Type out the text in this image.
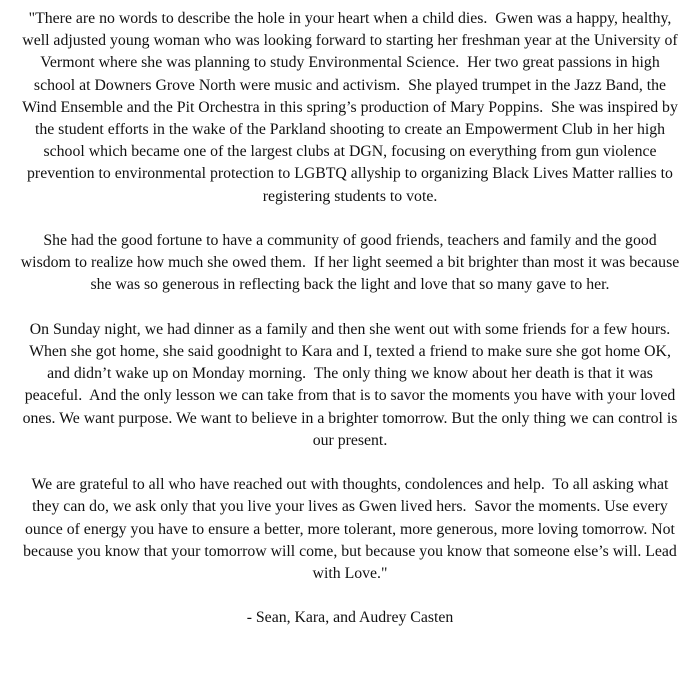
"There are no words to describe the hole in your heart when a child dies.  Gwen was a happy, healthy, well adjusted young woman who was looking forward to starting her freshman year at the University of  Vermont where she was planning to study Environmental Science.  Her two great passions in high school at Downers Grove North were music and activism.  She played trumpet in the Jazz Band, the Wind Ensemble and the Pit Orchestra in this spring’s production of Mary Poppins.  She was inspired by the student efforts in the wake of the Parkland shooting to create an Empowerment Club in her high school which became one of the largest clubs at DGN, focusing on everything from gun violence prevention to environmental protection to LGBTQ allyship to organizing Black Lives Matter rallies to registering students to vote.

She had the good fortune to have a community of good friends, teachers and family and the good wisdom to realize how much she owed them.  If her light seemed a bit brighter than most it was because she was so generous in reflecting back the light and love that so many gave to her.

On Sunday night, we had dinner as a family and then she went out with some friends for a few hours.  When she got home, she said goodnight to Kara and I, texted a friend to make sure she got home OK, and didn’t wake up on Monday morning.  The only thing we know about her death is that it was peaceful.  And the only lesson we can take from that is to savor the moments you have with your loved ones. We want purpose. We want to believe in a brighter tomorrow. But the only thing we can control is our present.

We are grateful to all who have reached out with thoughts, condolences and help.  To all asking what they can do, we ask only that you live your lives as Gwen lived hers.  Savor the moments. Use every ounce of energy you have to ensure a better, more tolerant, more generous, more loving tomorrow. Not because you know that your tomorrow will come, but because you know that someone else’s will. Lead with Love."

- Sean, Kara, and Audrey Casten
